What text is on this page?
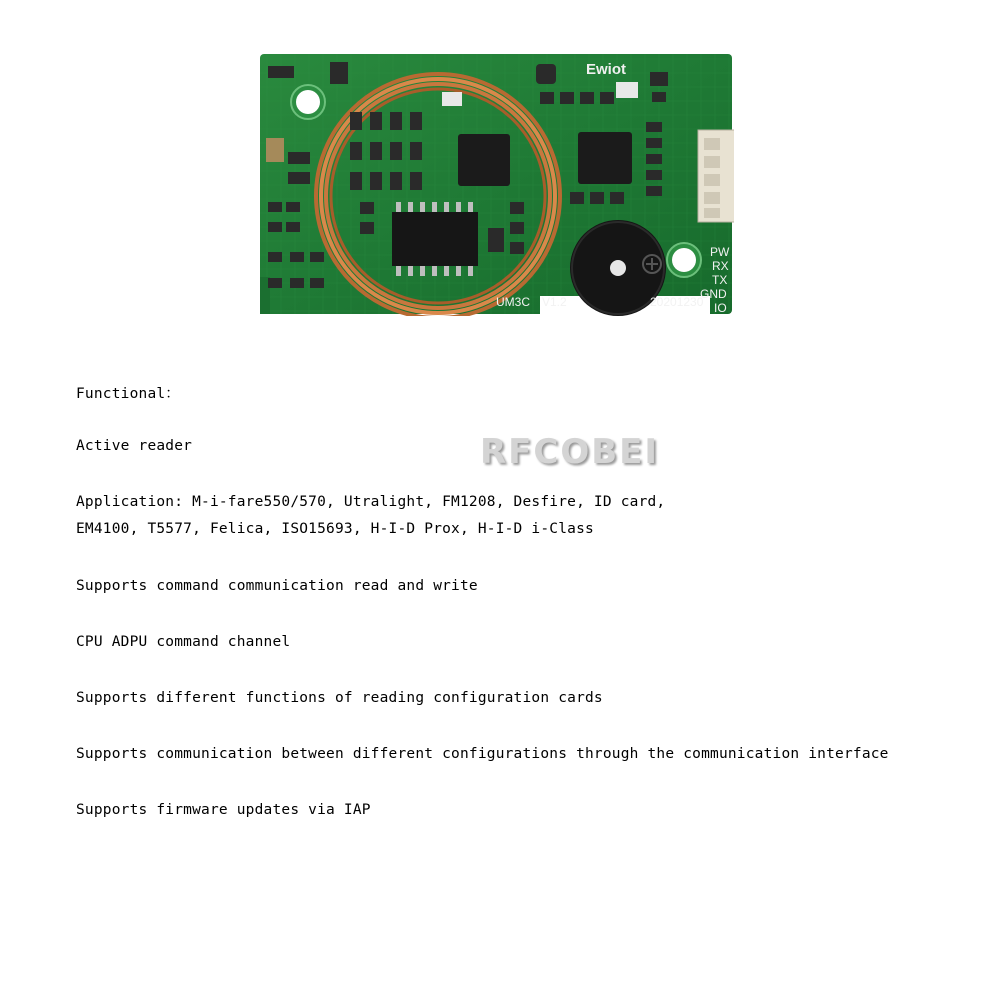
Ewiot
UM3C V1.2	20201230
PW
RX
TX
GND
IO
RFCOBEI
Functional：
Active reader
Application: M-i-fare550/570, Utralight, FM1208, Desfire, ID card,
EM4100, T5577, Felica, ISO15693, H-I-D Prox, H-I-D i-Class
Supports command communication read and write
CPU ADPU command channel
Supports different functions of reading configuration cards
Supports communication between different configurations through the communication interface
Supports firmware updates via IAP
